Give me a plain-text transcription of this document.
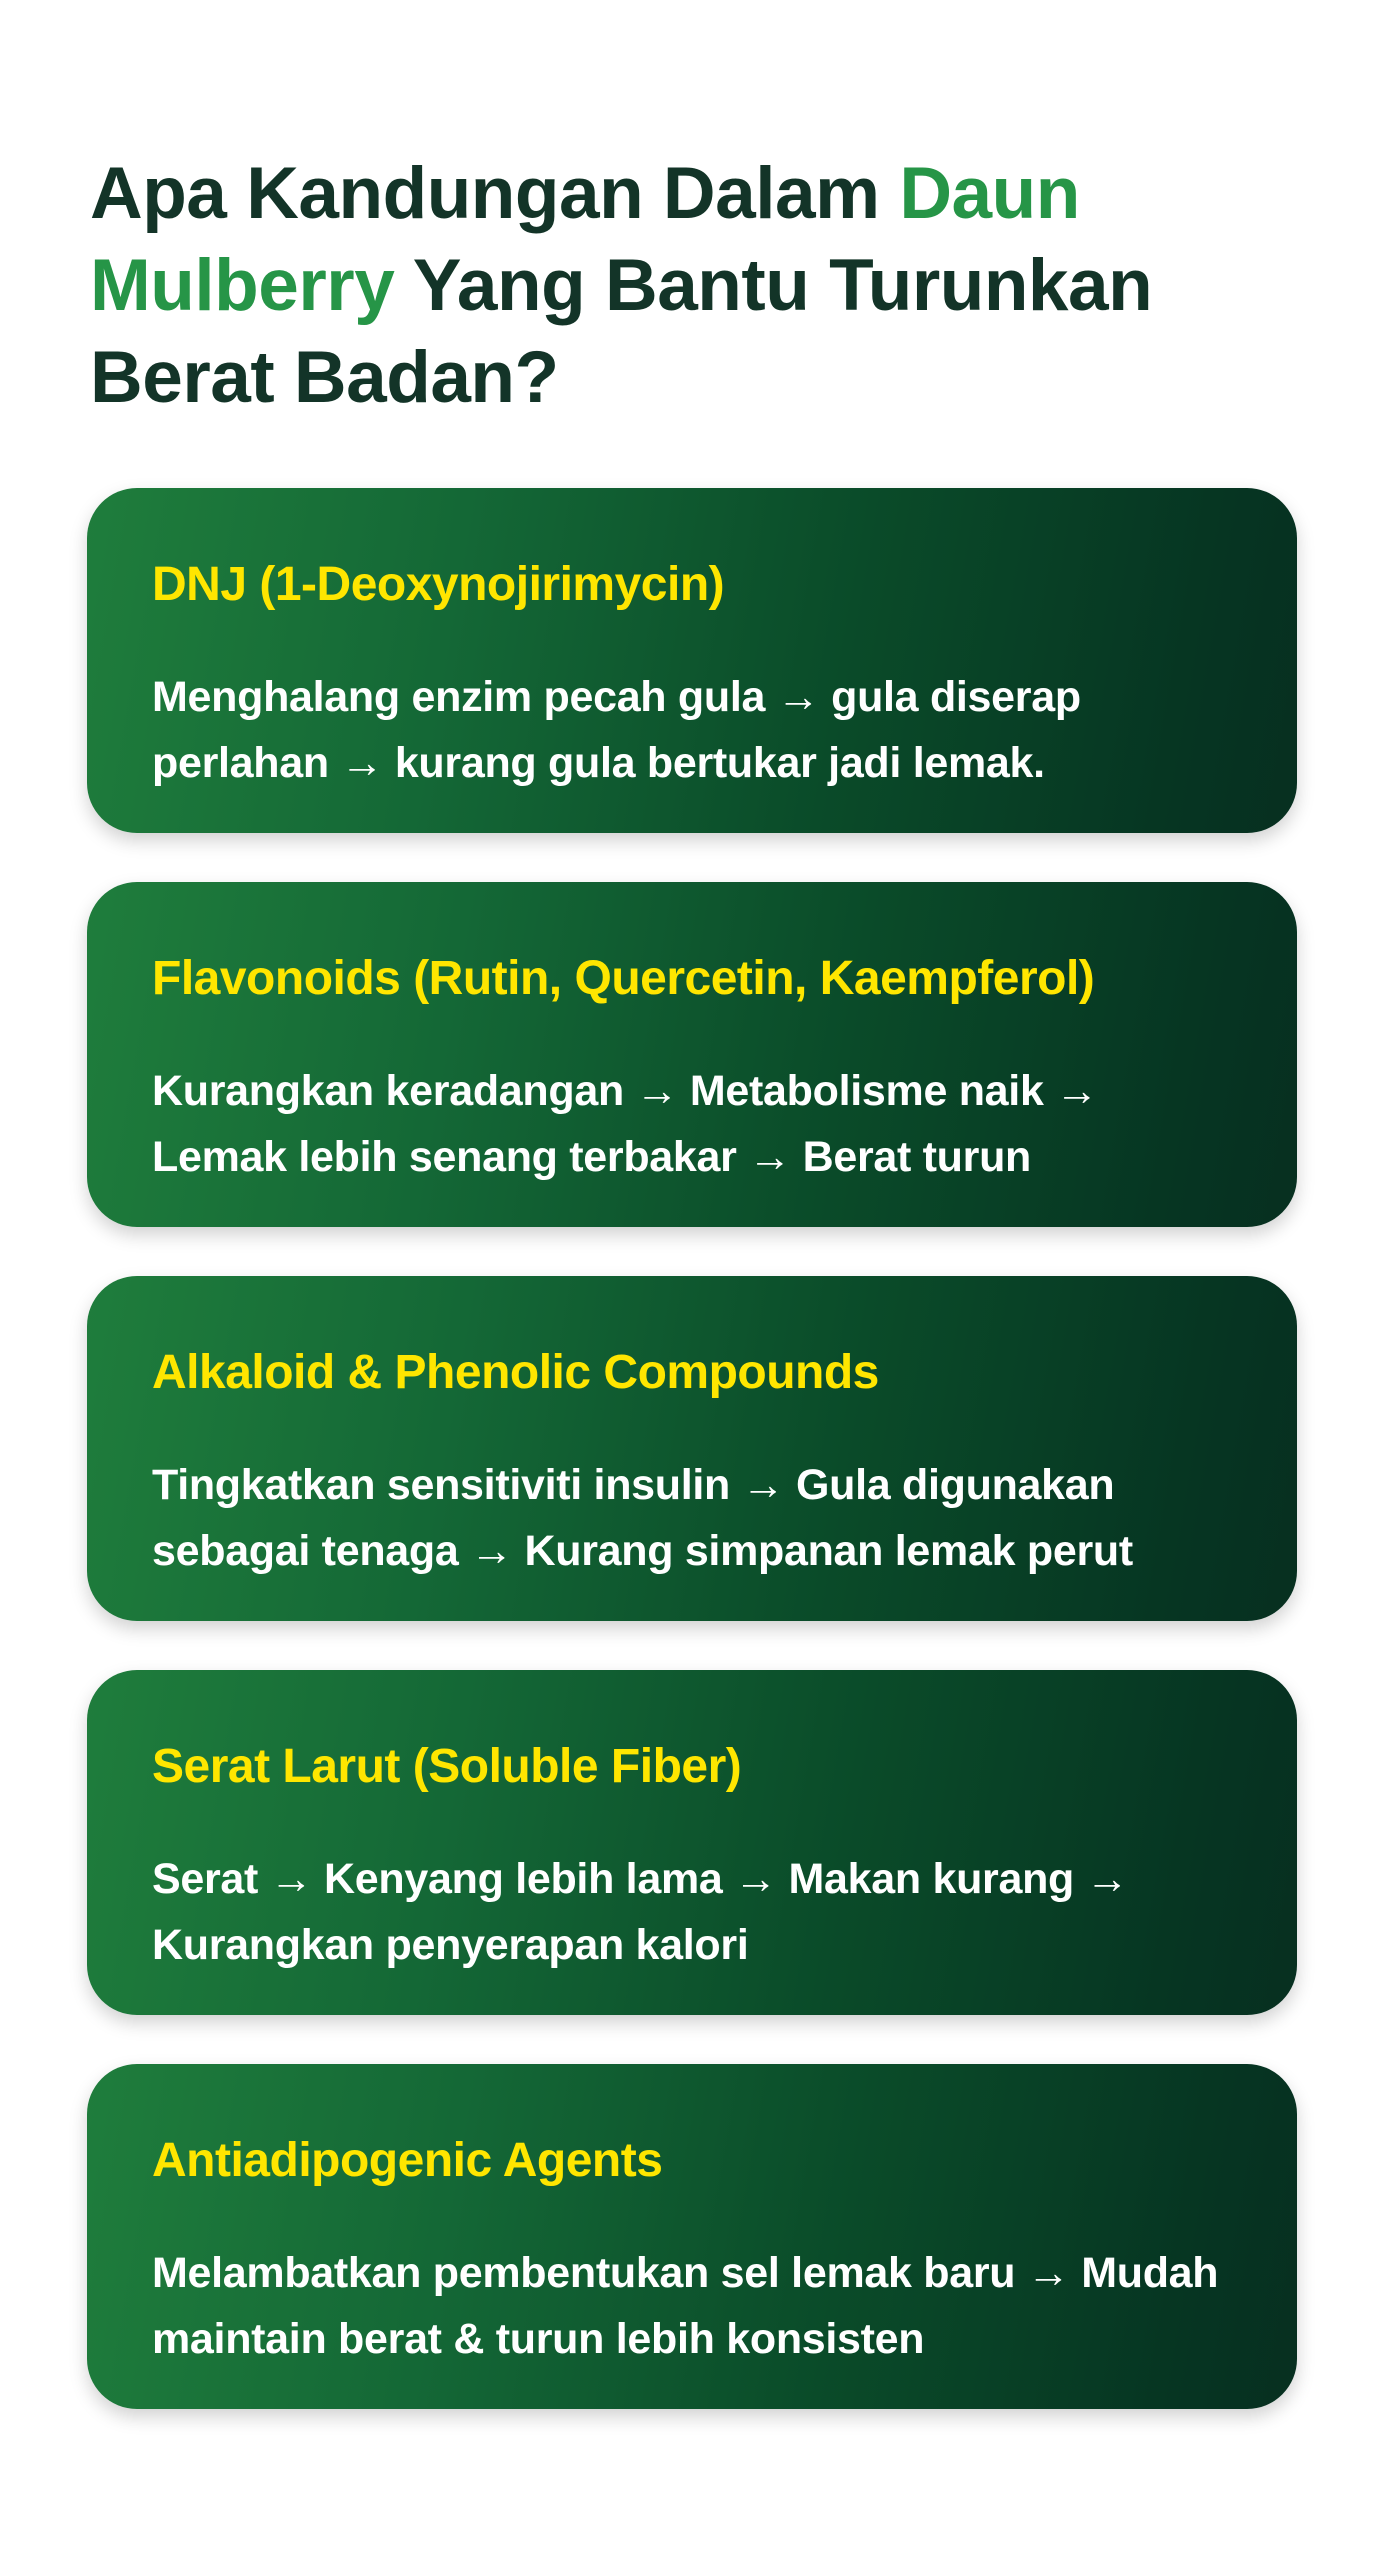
Apa Kandungan Dalam Daun Mulberry Yang Bantu Turunkan Berat Badan?
DNJ (1-Deoxynojirimycin)

Menghalang enzim pecah gula → gula diserap perlahan → kurang gula bertukar jadi lemak.

Flavonoids (Rutin, Quercetin, Kaempferol)

Kurangkan keradangan → Metabolisme naik → Lemak lebih senang terbakar → Berat turun

Alkaloid & Phenolic Compounds

Tingkatkan sensitiviti insulin → Gula digunakan sebagai tenaga → Kurang simpanan lemak perut

Serat Larut (Soluble Fiber)

Serat → Kenyang lebih lama → Makan kurang → Kurangkan penyerapan kalori

Antiadipogenic Agents

Melambatkan pembentukan sel lemak baru → Mudah maintain berat & turun lebih konsisten
